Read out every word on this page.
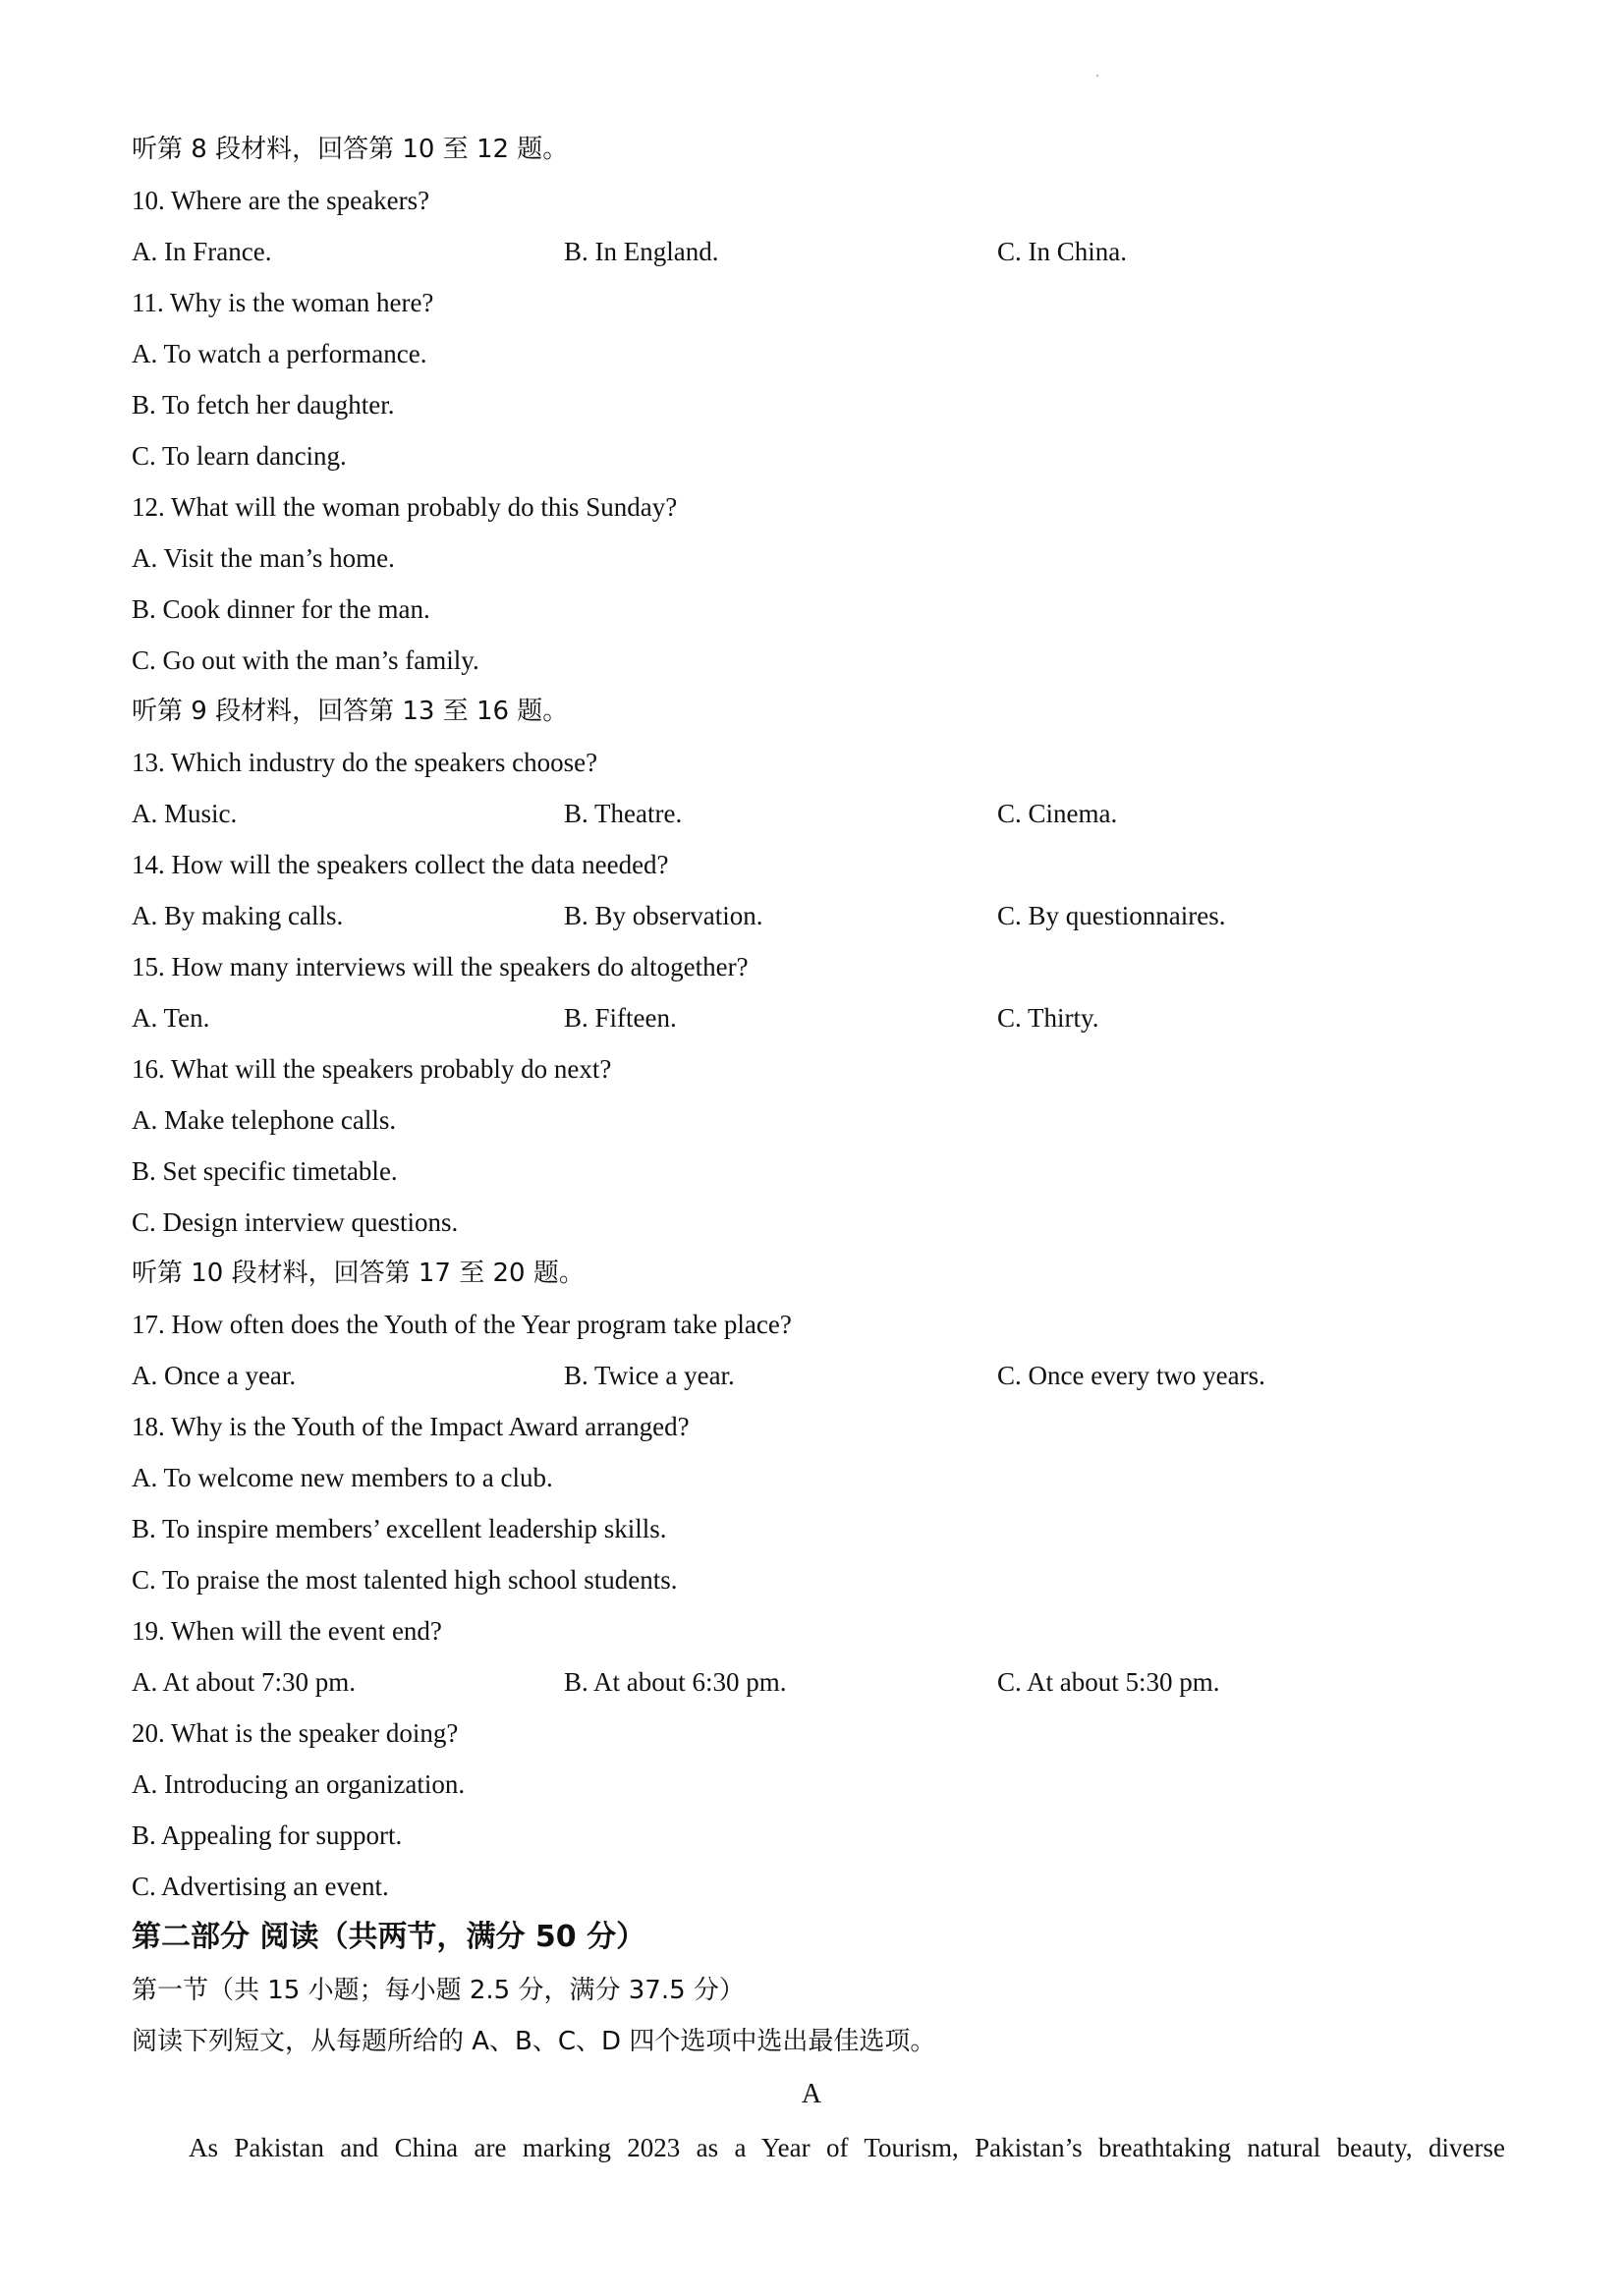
听第 8 段材料，回答第 10 至 12 题。
10. Where are the speakers?
A. In France.	B. In England.	C. In China.
11. Why is the woman here?
A. To watch a performance.
B. To fetch her daughter.
C. To learn dancing.
12. What will the woman probably do this Sunday?
A. Visit the man’s home.
B. Cook dinner for the man.
C. Go out with the man’s family.
听第 9 段材料，回答第 13 至 16 题。
13. Which industry do the speakers choose?
A. Music.	B. Theatre.	C. Cinema.
14. How will the speakers collect the data needed?
A. By making calls.	B. By observation.	C. By questionnaires.
15. How many interviews will the speakers do altogether?
A. Ten.	B. Fifteen.	C. Thirty.
16. What will the speakers probably do next?
A. Make telephone calls.
B. Set specific timetable.
C. Design interview questions.
听第 10 段材料，回答第 17 至 20 题。
17. How often does the Youth of the Year program take place?
A. Once a year.	B. Twice a year.	C. Once every two years.
18. Why is the Youth of the Impact Award arranged?
A. To welcome new members to a club.
B. To inspire members’ excellent leadership skills.
C. To praise the most talented high school students.
19. When will the event end?
A. At about 7:30 pm.	B. At about 6:30 pm.	C. At about 5:30 pm.
20. What is the speaker doing?
A. Introducing an organization.
B. Appealing for support.
C. Advertising an event.
第二部分 阅读（共两节，满分 50 分）
第一节（共 15 小题；每小题 2.5 分，满分 37.5 分）
阅读下列短文，从每题所给的 A、B、C、D 四个选项中选出最佳选项。
A
As Pakistan and China are marking 2023 as a Year of Tourism, Pakistan’s breathtaking natural beauty, diverse
